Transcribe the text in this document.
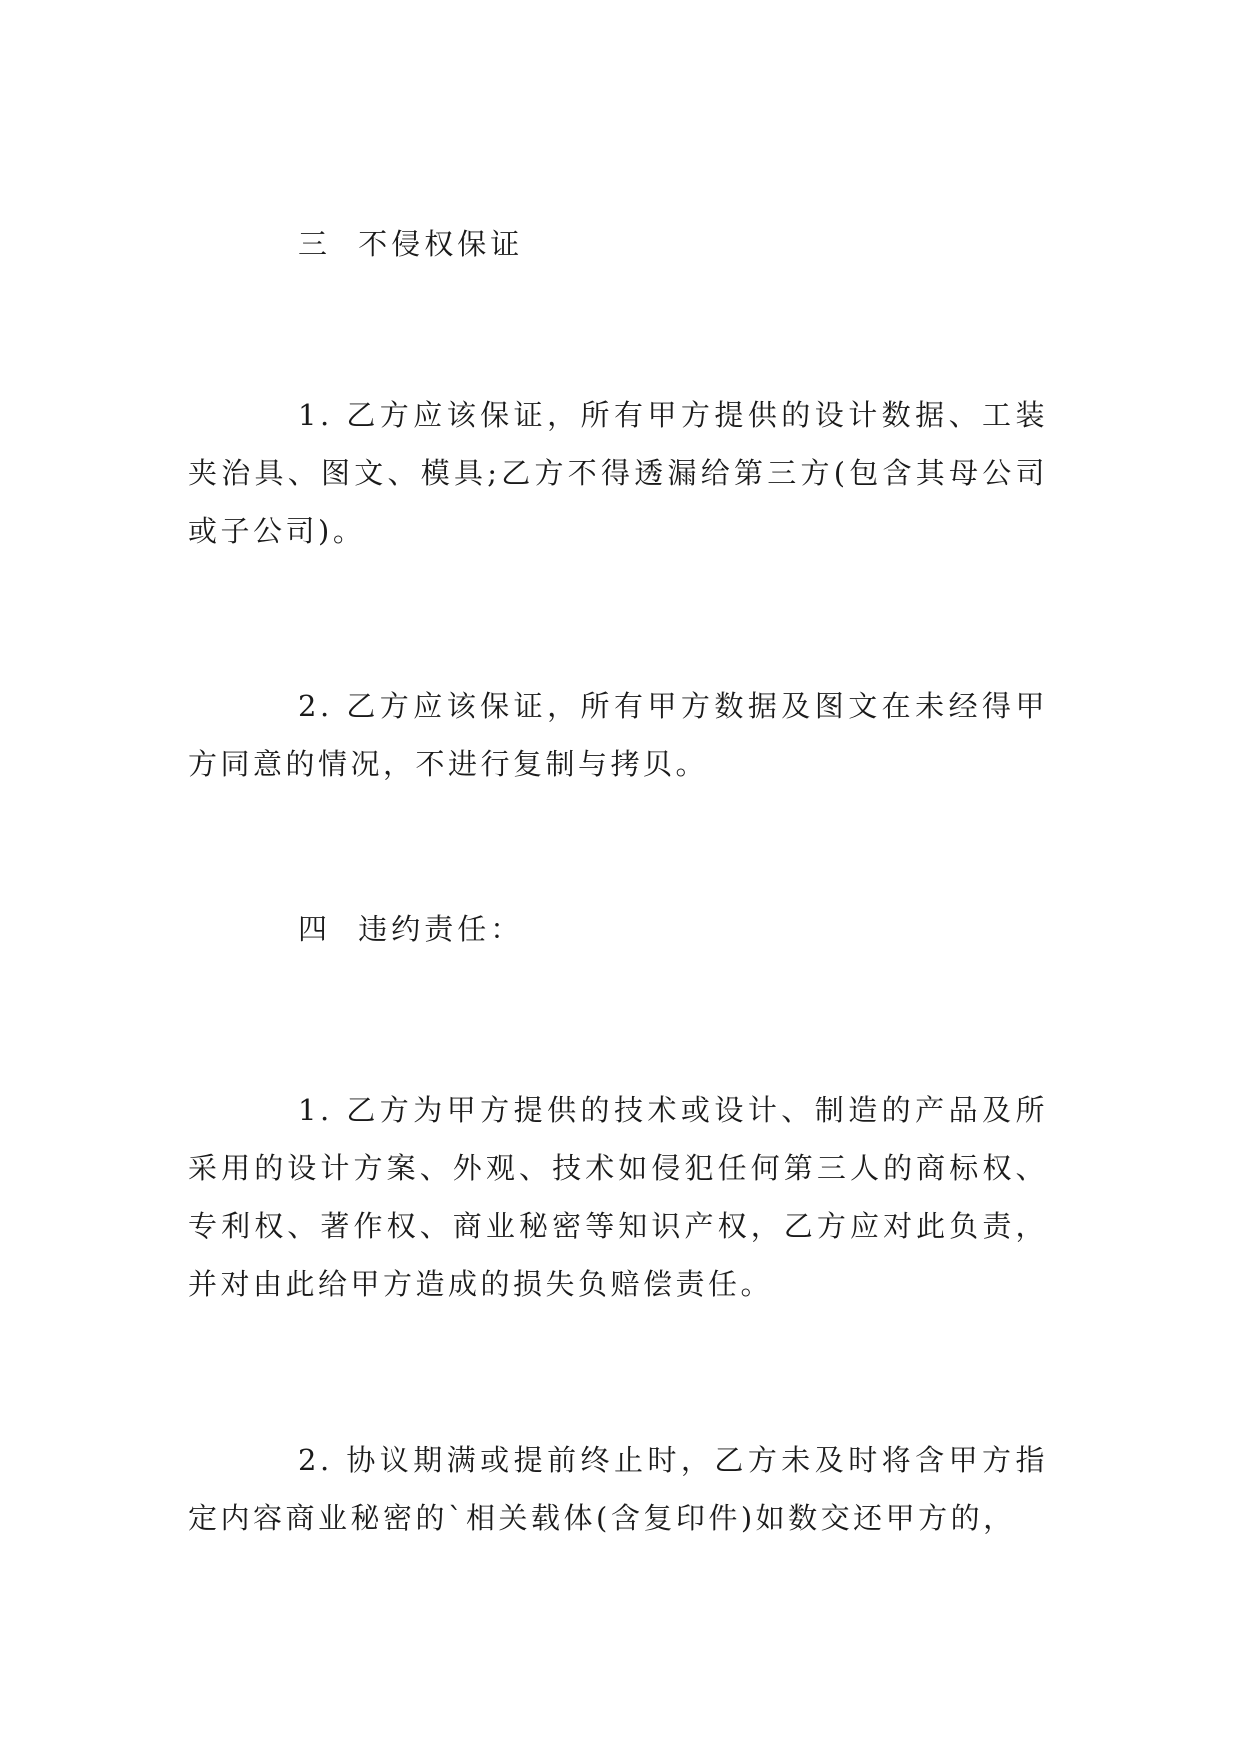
三 不侵权保证
1. 乙方应该保证，所有甲方提供的设计数据、工装夹治具、图文、模具;乙方不得透漏给第三方(包含其母公司或子公司)。
2. 乙方应该保证，所有甲方数据及图文在未经得甲方同意的情况，不进行复制与拷贝。
四 违约责任：
1. 乙方为甲方提供的技术或设计、制造的产品及所采用的设计方案、外观、技术如侵犯任何第三人的商标权、专利权、著作权、商业秘密等知识产权，乙方应对此负责，并对由此给甲方造成的损失负赔偿责任。
2. 协议期满或提前终止时，乙方未及时将含甲方指定内容商业秘密的`相关载体(含复印件)如数交还甲方的，
